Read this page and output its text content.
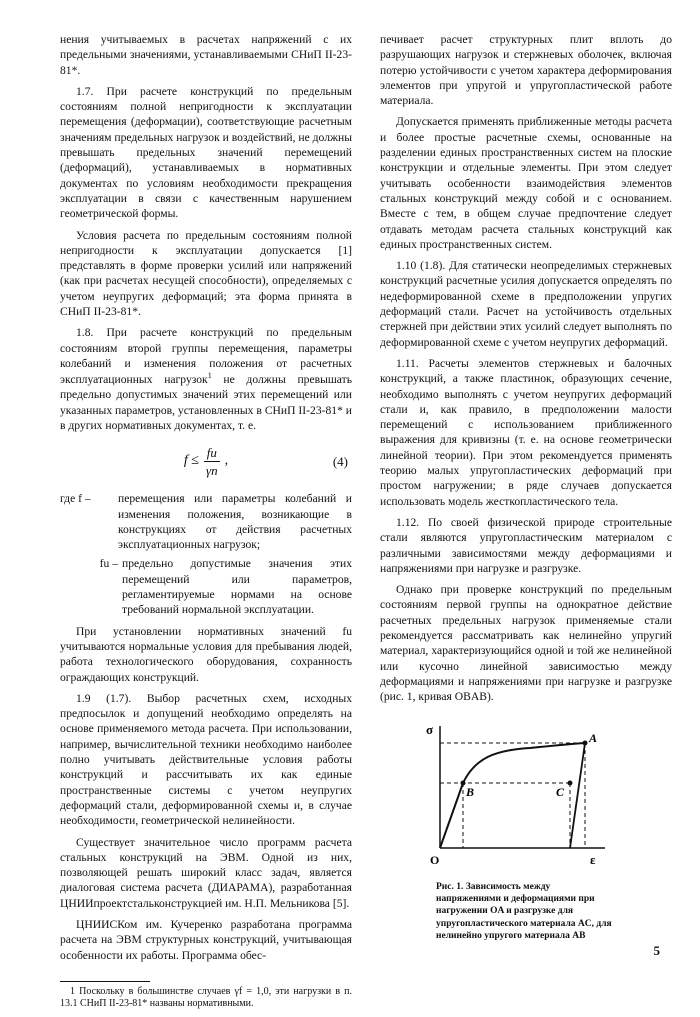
нения учитываемых в расчетах напряжений с их предельными значениями, устанавливаемыми СНиП II-23-81*.

1.7. При расчете конструкций по предельным состояниям полной непригодности к эксплуатации перемещения (деформации), соответствующие расчетным значениям предельных нагрузок и воздействий, не должны превышать предельных значений перемещений (деформаций), устанавливаемых в нормативных документах по условиям необходимости прекращения эксплуатации в связи с качественным нарушением геометрической формы.

Условия расчета по предельным состояниям полной непригодности к эксплуатации допускается [1] представлять в форме проверки усилий или напряжений (как при расчетах несущей способности), определяемых с учетом неупругих деформаций; эта форма принята в СНиП II-23-81*.

1.8. При расчете конструкций по предельным состояниям второй группы перемещения, параметры колебаний и изменения положения от расчетных эксплуатационных нагрузок$^1$ не должны превышать предельно допустимых значений этих перемещений или указанных параметров, установленных в СНиП II-23-81* и в других нормативных документах, т. е.

$f \le \frac{fu}{\gamma n}$ ,	(4)
где f –	перемещения или параметры колебаний и изменения положения, возникающие в конструкциях от действия расчетных эксплуатационных нагрузок;
fu – предельно допустимые значения этих перемещений или параметров, регламентируемые нормами на основе требований нормальной эксплуатации.

При установлении нормативных значений fu учитываются нормальные условия для пребывания людей, работа технологического оборудования, сохранность ограждающих конструкций.

1.9 (1.7). Выбор расчетных схем, исходных предпосылок и допущений необходимо определять на основе применяемого метода расчета. При использовании, например, вычислительной техники необходимо наиболее полно учитывать действительные условия работы конструкций и рассчитывать их как единые пространственные системы с учетом неупругих деформаций стали, деформированной схемы и, в случае необходимости, геометрической нелинейности.

Существует значительное число программ расчета стальных конструкций на ЭВМ. Одной из них, позволяющей решать широкий класс задач, является диалоговая система расчета (ДИАРАМА), разработанная ЦНИИпроектстальконструкцией им. Н.П. Мельникова [5].

ЦНИИСКом им. Кучеренко разработана программа расчета на ЭВМ структурных конструкций, учитывающая особенности их работы. Программа обес-

1 Поскольку в большинстве случаев γf = 1,0, эти нагрузки в п. 13.1 СНиП II-23-81* названы нормативными.

печивает расчет структурных плит вплоть до разрушающих нагрузок и стержневых оболочек, включая потерю устойчивости с учетом характера деформирования элементов при упругой и упругопластической работе материала.

Допускается применять приближенные методы расчета и более простые расчетные схемы, основанные на разделении единых пространственных систем на плоские конструкции и отдельные элементы. При этом следует учитывать особенности взаимодействия элементов стальных конструкций между собой и с основанием. Вместе с тем, в общем случае предпочтение следует отдавать методам расчета стальных конструкций как единых пространственных систем.

1.10 (1.8). Для статически неопределимых стержневых конструкций расчетные усилия допускается определять по недеформированной схеме в предположении упругих деформаций стали. Расчет на устойчивость отдельных стержней при действии этих усилий следует выполнять по деформированной схеме с учетом неупругих деформаций.

1.11. Расчеты элементов стержневых и балочных конструкций, а также пластинок, образующих сечение, необходимо выполнять с учетом неупругих деформаций стали и, как правило, в предположении малости перемещений с использованием приближенного выражения для кривизны (т. е. на основе геометрически линейной теории). При этом рекомендуется применять теорию малых упругопластических деформаций при простом нагружении; в ряде случаев допускается использовать модель жесткопластического тела.

1.12. По своей физической природе строительные стали являются упругопластическим материалом с различными зависимостями между деформациями и напряжениями при нагрузке и разгрузке.

Однако при проверке конструкций по предельным состояниям первой группы на однократное действие расчетных предельных нагрузок применяемые стали рекомендуется рассматривать как нелинейно упругий материал, характеризующийся одной и той же нелинейной или кусочно линейной зависимостью между деформациями и напряжениями при нагрузке и разгрузке (рис. 1, кривая OBAB).

σ
ε
O
A
B	C
Рис. 1. Зависимость между напряжениями и деформациями при нагружении OA и разгрузке для упругопластического материала AC, для нелинейно упругого материала AB
5
